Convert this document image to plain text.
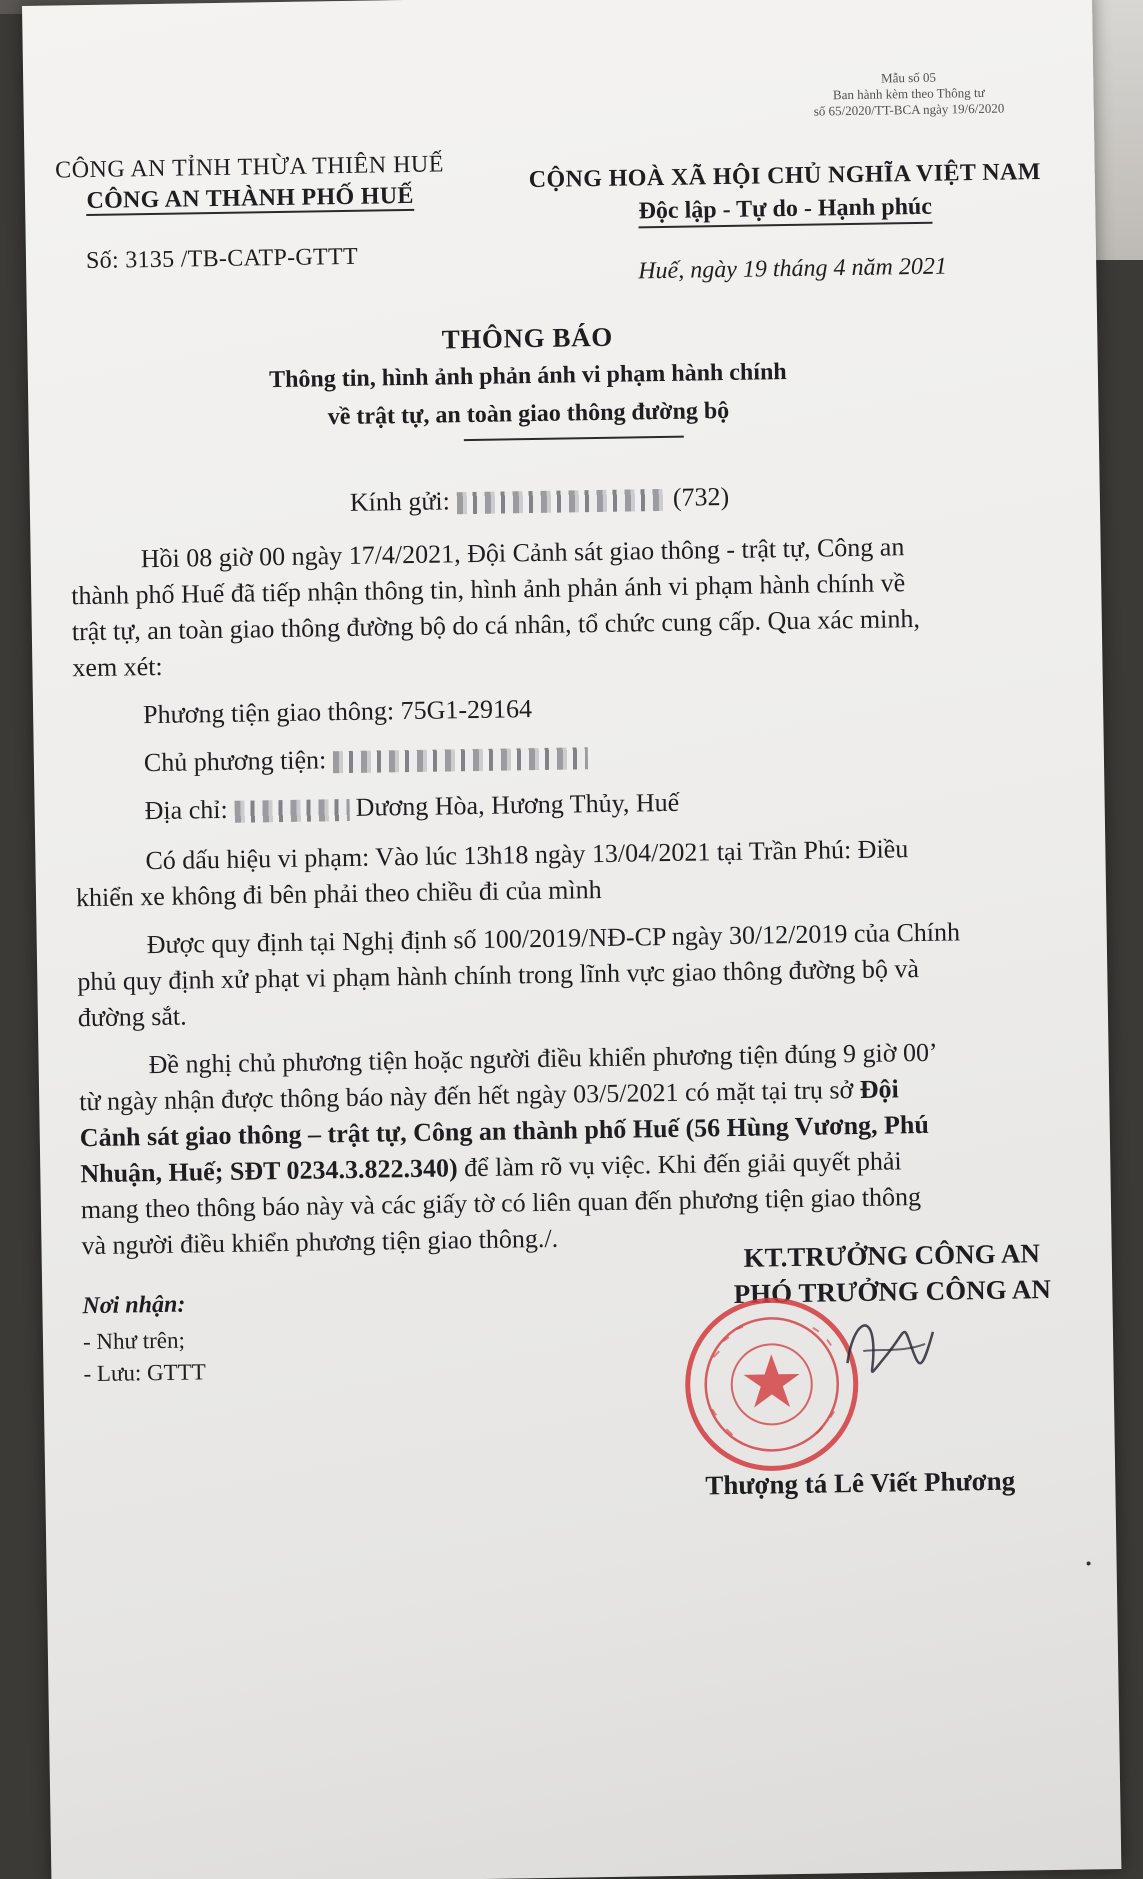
Mẫu số 05
Ban hành kèm theo Thông tư
số 65/2020/TT-BCA ngày 19/6/2020
CÔNG AN TỈNH THỪA THIÊN HUẾ
CÔNG AN THÀNH PHỐ HUẾ
CỘNG HOÀ XÃ HỘI CHỦ NGHĨA VIỆT NAM
Độc lập - Tự do - Hạnh phúc
Số: 3135 /TB-CATP-GTTT	Huế, ngày 19 tháng 4 năm 2021
THÔNG BÁO
Thông tin, hình ảnh phản ánh vi phạm hành chính
về trật tự, an toàn giao thông đường bộ
Kính gửi:	(732)
Hồi 08 giờ 00 ngày 17/4/2021, Đội Cảnh sát giao thông - trật tự, Công an
thành phố Huế đã tiếp nhận thông tin, hình ảnh phản ánh vi phạm hành chính về
trật tự, an toàn giao thông đường bộ do cá nhân, tổ chức cung cấp. Qua xác minh,
xem xét:
Phương tiện giao thông: 75G1-29164
Chủ phương tiện:
Địa chỉ:	Dương Hòa, Hương Thủy, Huế
Có dấu hiệu vi phạm: Vào lúc 13h18 ngày 13/04/2021 tại Trần Phú: Điều
khiển xe không đi bên phải theo chiều đi của mình
Được quy định tại Nghị định số 100/2019/NĐ-CP ngày 30/12/2019 của Chính
phủ quy định xử phạt vi phạm hành chính trong lĩnh vực giao thông đường bộ và
đường sắt.
Đề nghị chủ phương tiện hoặc người điều khiển phương tiện đúng 9 giờ 00’
từ ngày nhận được thông báo này đến hết ngày 03/5/2021 có mặt tại trụ sở Đội
Cảnh sát giao thông – trật tự, Công an thành phố Huế (56 Hùng Vương, Phú
Nhuận, Huế; SĐT 0234.3.822.340) để làm rõ vụ việc. Khi đến giải quyết phải
mang theo thông báo này và các giấy tờ có liên quan đến phương tiện giao thông
và người điều khiển phương tiện giao thông./.
Nơi nhận:
- Như trên;
- Lưu: GTTT
KT.TRƯỞNG CÔNG AN
PHÓ TRƯỞNG CÔNG AN
Thượng tá Lê Viết Phương
